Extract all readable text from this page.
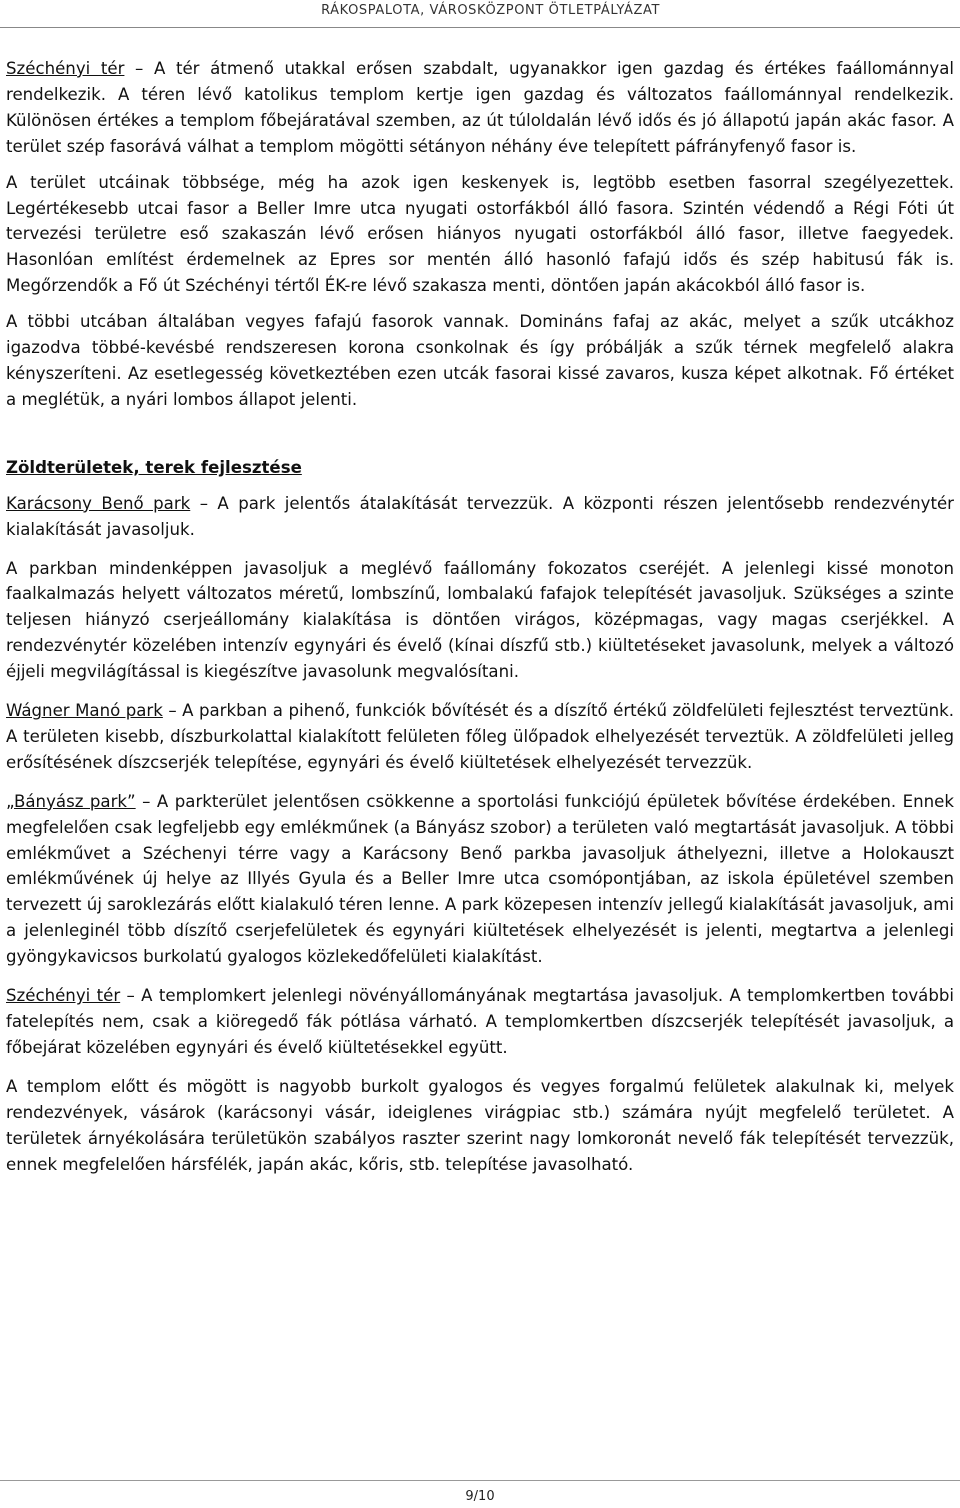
RÁKOSPALOTA, VÁROSKÖZPONT ÖTLETPÁLYÁZAT

Széchényi tér – A tér átmenő utakkal erősen szabdalt, ugyanakkor igen gazdag és értékes faállománnyal rendelkezik. A téren lévő katolikus templom kertje igen gazdag és változatos faállománnyal rendelkezik. Különösen értékes a templom főbejáratával szemben, az út túloldalán lévő idős és jó állapotú japán akác fasor. A terület szép fasorává válhat a templom mögötti sétányon néhány éve telepített páfrányfenyő fasor is.

A terület utcáinak többsége, még ha azok igen keskenyek is, legtöbb esetben fasorral szegélyezettek. Legértékesebb utcai fasor a Beller Imre utca nyugati ostorfákból álló fasora. Szintén védendő a Régi Fóti út tervezési területre eső szakaszán lévő erősen hiányos nyugati ostorfákból álló fasor, illetve faegyedek. Hasonlóan említést érdemelnek az Epres sor mentén álló hasonló fafajú idős és szép habitusú fák is. Megőrzendők a Fő út Széchényi tértől ÉK-re lévő szakasza menti, döntően japán akácokból álló fasor is.

A többi utcában általában vegyes fafajú fasorok vannak. Domináns fafaj az akác, melyet a szűk utcákhoz igazodva többé-kevésbé rendszeresen korona csonkolnak és így próbálják a szűk térnek megfelelő alakra kényszeríteni. Az esetlegesség következtében ezen utcák fasorai kissé zavaros, kusza képet alkotnak. Fő értéket a meglétük, a nyári lombos állapot jelenti.

Zöldterületek, terek fejlesztése

Karácsony Benő park – A park jelentős átalakítását tervezzük. A központi részen jelentősebb rendezvénytér kialakítását javasoljuk.

A parkban mindenképpen javasoljuk a meglévő faállomány fokozatos cseréjét. A jelenlegi kissé monoton faalkalmazás helyett változatos méretű, lombszínű, lombalakú fafajok telepítését javasoljuk. Szükséges a szinte teljesen hiányzó cserjeállomány kialakítása is döntően virágos, középmagas, vagy magas cserjékkel. A rendezvénytér közelében intenzív egynyári és évelő (kínai díszfű stb.) kiültetéseket javasolunk, melyek a változó éjjeli megvilágítással is kiegészítve javasolunk megvalósítani.

Wágner Manó park – A parkban a pihenő, funkciók bővítését és a díszítő értékű zöldfelületi fejlesztést terveztünk. A területen kisebb, díszburkolattal kialakított felületen főleg ülőpadok elhelyezését terveztük. A zöldfelületi jelleg erősítésének díszcserjék telepítése, egynyári és évelő kiültetések elhelyezését tervezzük.

„Bányász park” – A parkterület jelentősen csökkenne a sportolási funkciójú épületek bővítése érdekében. Ennek megfelelően csak legfeljebb egy emlékműnek (a Bányász szobor) a területen való megtartását javasoljuk. A többi emlékművet a Széchenyi térre vagy a Karácsony Benő parkba javasoljuk áthelyezni, illetve a Holokauszt emlékművének új helye az Illyés Gyula és a Beller Imre utca csomópontjában, az iskola épületével szemben tervezett új saroklezárás előtt kialakuló téren lenne. A park közepesen intenzív jellegű kialakítását javasoljuk, ami a jelenleginél több díszítő cserjefelületek és egynyári kiültetések elhelyezését is jelenti, megtartva a jelenlegi gyöngykavicsos burkolatú gyalogos közlekedőfelületi kialakítást.

Széchényi tér – A templomkert jelenlegi növényállományának megtartása javasoljuk. A templomkertben további fatelepítés nem, csak a kiöregedő fák pótlása várható. A templomkertben díszcserjék telepítését javasoljuk, a főbejárat közelében egynyári és évelő kiültetésekkel együtt.

A templom előtt és mögött is nagyobb burkolt gyalogos és vegyes forgalmú felületek alakulnak ki, melyek rendezvények, vásárok (karácsonyi vásár, ideiglenes virágpiac stb.) számára nyújt megfelelő területet. A területek árnyékolására területükön szabályos raszter szerint nagy lomkoronát nevelő fák telepítését tervezzük, ennek megfelelően hársfélék, japán akác, kőris, stb. telepítése javasolható.

9/10
